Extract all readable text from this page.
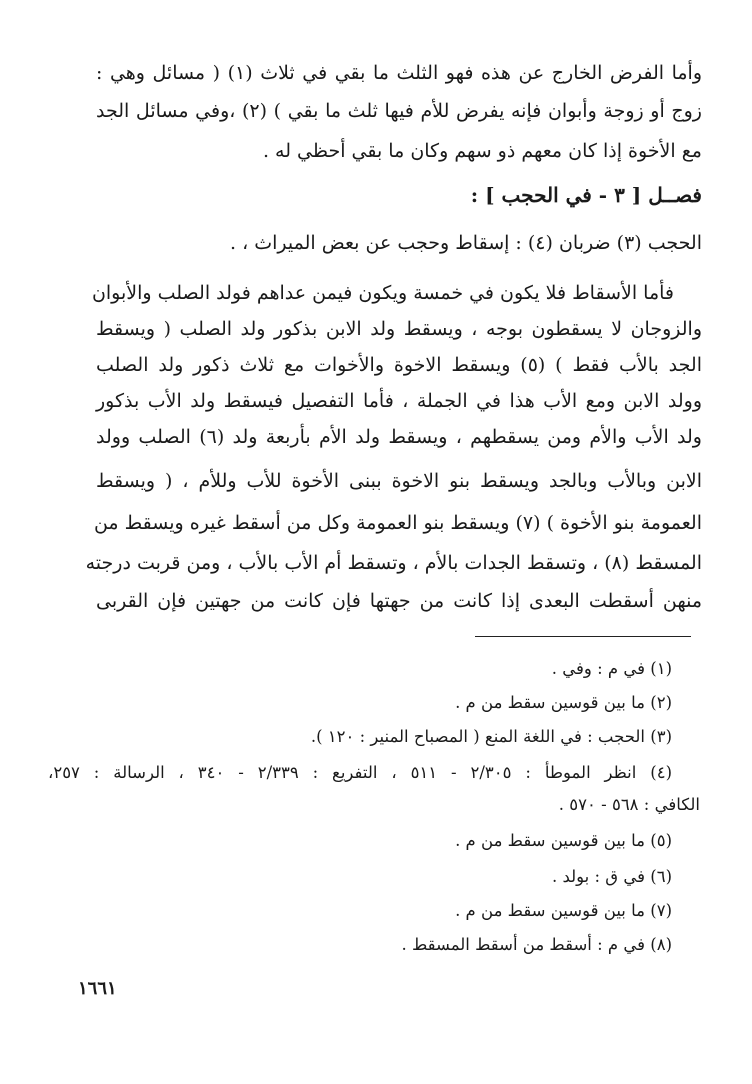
وأما الفرض الخارج عن هذه فهو الثلث ما بقي في ثلاث (١) ( مسائل وهي :
زوج أو زوجة وأبوان فإنه يفرض للأم فيها ثلث ما بقي ) (٢) ،وفي مسائل الجد
مع الأخوة إذا كان معهم ذو سهم وكان ما بقي أحظي له .
فصــل [ ٣ - في الحجب ] :
الحجب (٣) ضربان (٤) : إسقاط وحجب عن بعض الميراث ، .
فأما الأسقاط فلا يكون في خمسة ويكون فيمن عداهم فولد الصلب والأبوان
والزوجان لا يسقطون بوجه ، ويسقط ولد الابن بذكور ولد الصلب ( ويسقط
الجد بالأب فقط ) (٥) ويسقط الاخوة والأخوات مع ثلاث ذكور ولد الصلب
وولد الابن ومع الأب هذا في الجملة ، فأما التفصيل فيسقط ولد الأب بذكور
ولد الأب والأم ومن يسقطهم ، ويسقط ولد الأم بأربعة ولد (٦) الصلب وولد
الابن وبالأب وبالجد ويسقط بنو الاخوة ببنى الأخوة للأب وللأم ، ( ويسقط
العمومة بنو الأخوة ) (٧) ويسقط بنو العمومة وكل من أسقط غيره ويسقط من
المسقط (٨) ، وتسقط الجدات بالأم ، وتسقط أم الأب بالأب ، ومن قربت درجته
منهن أسقطت البعدى إذا كانت من جهتها فإن كانت من جهتين فإن القربى
(١) في م : وفي .
(٢) ما بين قوسين سقط من م .
(٣) الحجب : في اللغة المنع ( المصباح المنير : ١٢٠ ).
(٤) انظر الموطأ : ٢/٣٠٥ - ٥١١ ، التفريع : ٢/٣٣٩ - ٣٤٠ ، الرسالة : ٢٥٧،
الكافي : ٥٦٨ - ٥٧٠ .
(٥) ما بين قوسين سقط من م .
(٦) في ق : بولد .
(٧) ما بين قوسين سقط من م .
(٨) في م : أسقط من أسقط المسقط .
١٦٦١
